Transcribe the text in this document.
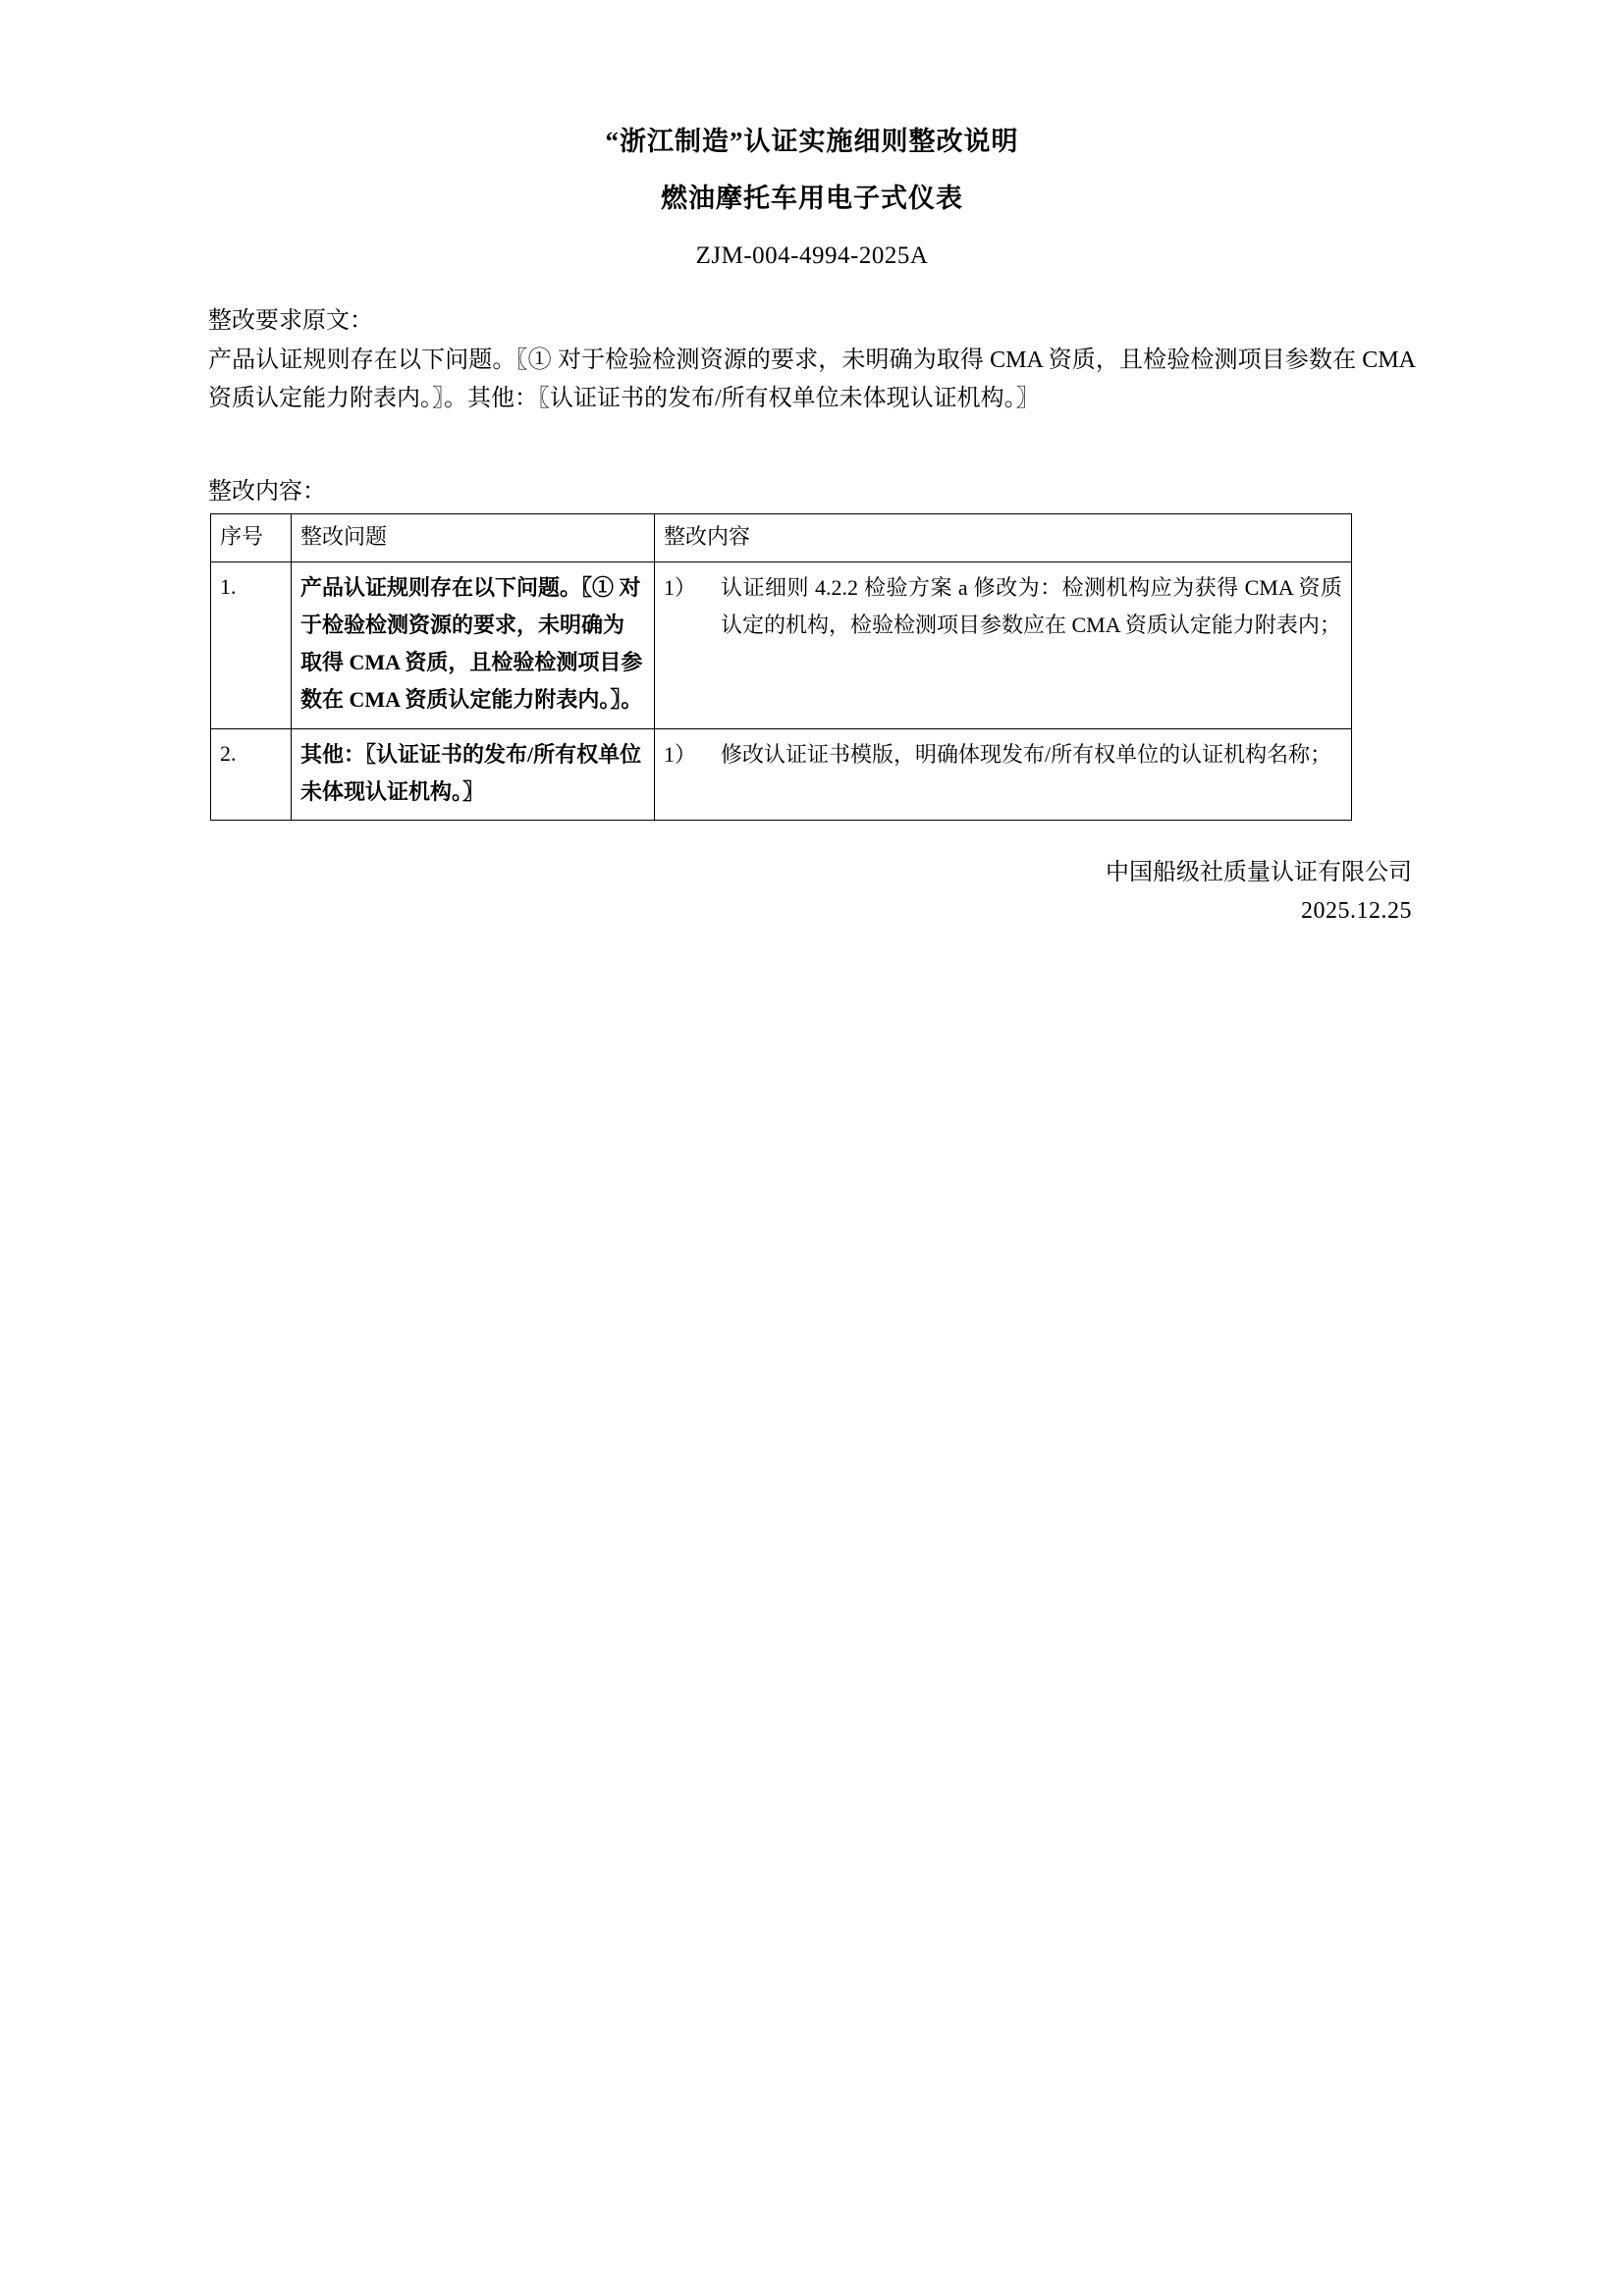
“浙江制造”认证实施细则整改说明
燃油摩托车用电子式仪表
ZJM-004-4994-2025A
整改要求原文：
产品认证规则存在以下问题。〖① 对于检验检测资源的要求，未明确为取得 CMA 资质，且检验检测项目参数在 CMA 资质认定能力附表内。〗。其他：〖认证证书的发布/所有权单位未体现认证机构。〗
整改内容：
序号	整改问题	整改内容
1.	产品认证规则存在以下问题。〖① 对于检验检测资源的要求，未明确为取得 CMA 资质，且检验检测项目参数在 CMA 资质认定能力附表内。〗。	1） 认证细则 4.2.2 检验方案 a 修改为：检测机构应为获得 CMA 资质认定的机构，检验检测项目参数应在 CMA 资质认定能力附表内；

2.	其他：〖认证证书的发布/所有权单位未体现认证机构。〗	1） 修改认证证书模版，明确体现发布/所有权单位的认证机构名称；
中国船级社质量认证有限公司
2025.12.25
